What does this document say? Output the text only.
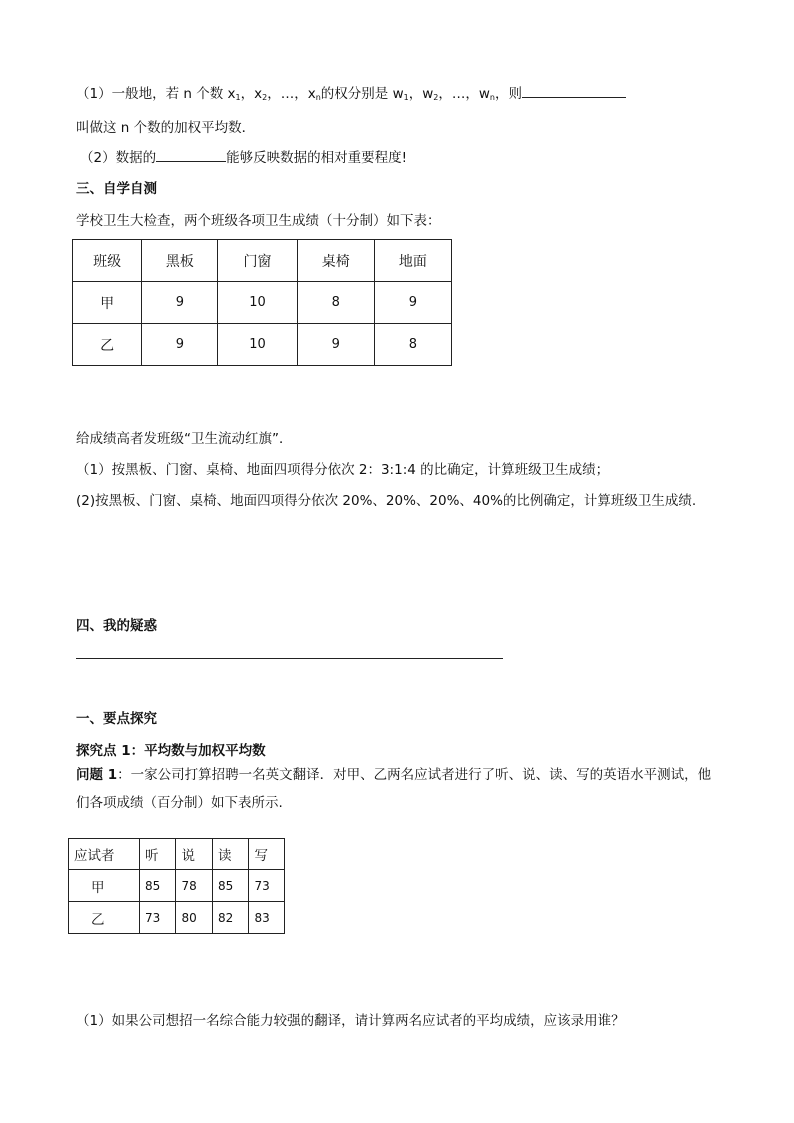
（1）一般地，若 n 个数 $x_1$，$x_2$，…，$x_n$的权分别是 $w_1$，$w_2$，…，$w_n$，则
叫做这 n 个数的加权平均数．
（2）数据的	能够反映数据的相对重要程度!
三、自学自测
学校卫生大检查，两个班级各项卫生成绩（十分制）如下表：
班级	黑板	门窗	桌椅	地面
甲	9	10	8	9
乙	9	10	9	8
给成绩高者发班级“卫生流动红旗”．
（1）按黑板、门窗、桌椅、地面四项得分依次 2：3:1:4 的比确定，计算班级卫生成绩；
(2)按黑板、门窗、桌椅、地面四项得分依次 20%、20%、20%、40%的比例确定，计算班级卫生成绩.
四、我的疑惑
一、要点探究
探究点 1：平均数与加权平均数
问题 1：一家公司打算招聘一名英文翻译．对甲、乙两名应试者进行了听、说、读、写的英语水平测试，他
们各项成绩（百分制）如下表所示.
应试者	听	说	读	写
甲	85	78	85	73
乙	73	80	82	83
（1）如果公司想招一名综合能力较强的翻译，请计算两名应试者的平均成绩，应该录用谁？
